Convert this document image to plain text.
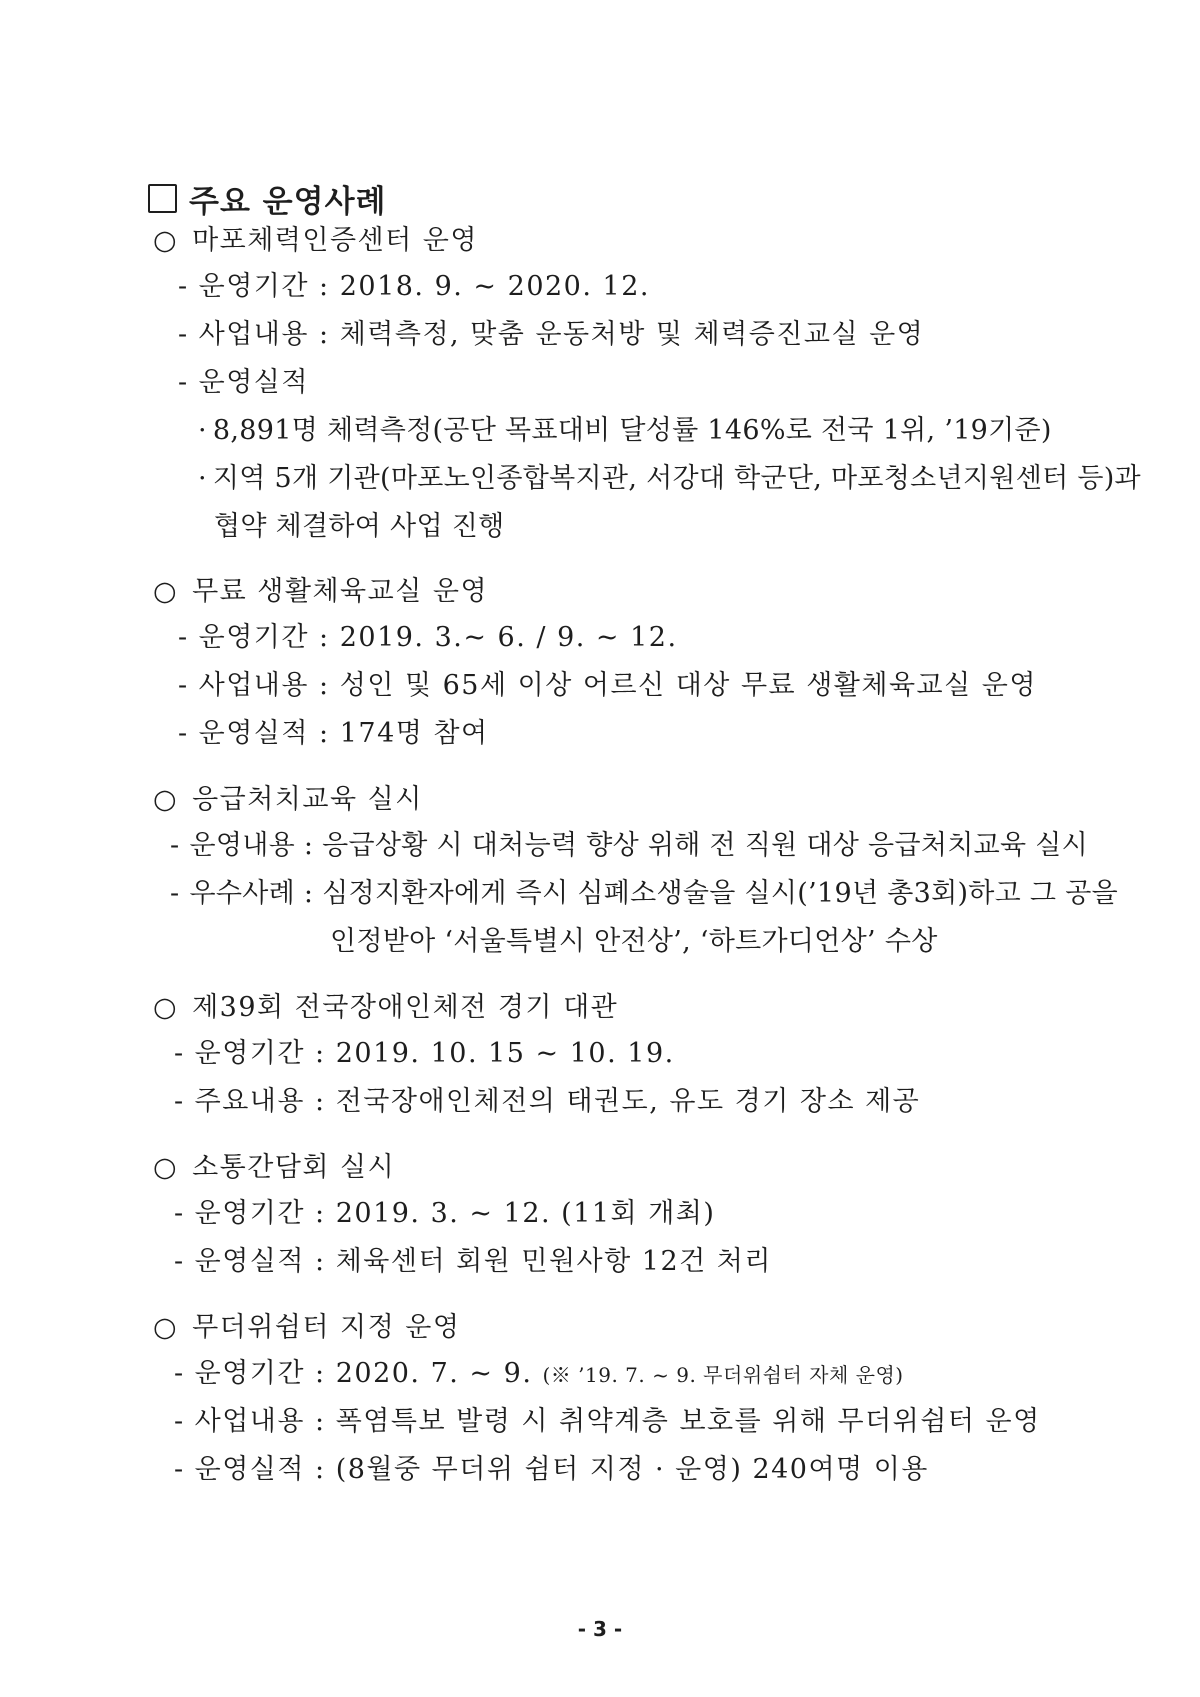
주요 운영사례
○ 마포체력인증센터 운영
- 운영기간 : 2018. 9. ~ 2020. 12.
- 사업내용 : 체력측정, 맞춤 운동처방 및 체력증진교실 운영
- 운영실적
· 8,891명 체력측정(공단 목표대비 달성률 146%로 전국 1위, ’19기준)
· 지역 5개 기관(마포노인종합복지관, 서강대 학군단, 마포청소년지원센터 등)과
협약 체결하여 사업 진행
○ 무료 생활체육교실 운영
- 운영기간 : 2019. 3.~ 6. / 9. ~ 12.
- 사업내용 : 성인 및 65세 이상 어르신 대상 무료 생활체육교실 운영
- 운영실적 : 174명 참여
○ 응급처치교육 실시
- 운영내용 : 응급상황 시 대처능력 향상 위해 전 직원 대상 응급처치교육 실시
- 우수사례 : 심정지환자에게 즉시 심폐소생술을 실시(’19년 총3회)하고 그 공을
인정받아 ‘서울특별시 안전상’, ‘하트가디언상’ 수상
○ 제39회 전국장애인체전 경기 대관
- 운영기간 : 2019. 10. 15 ~ 10. 19.
- 주요내용 : 전국장애인체전의 태권도, 유도 경기 장소 제공
○ 소통간담회 실시
- 운영기간 : 2019. 3. ~ 12. (11회 개최)
- 운영실적 : 체육센터 회원 민원사항 12건 처리
○ 무더위쉼터 지정 운영
- 운영기간 : 2020. 7. ~ 9. (※ ’19. 7. ~ 9. 무더위쉼터 자체 운영)
- 사업내용 : 폭염특보 발령 시 취약계층 보호를 위해 무더위쉼터 운영
- 운영실적 : (8월중 무더위 쉼터 지정 · 운영) 240여명 이용
- 3 -
